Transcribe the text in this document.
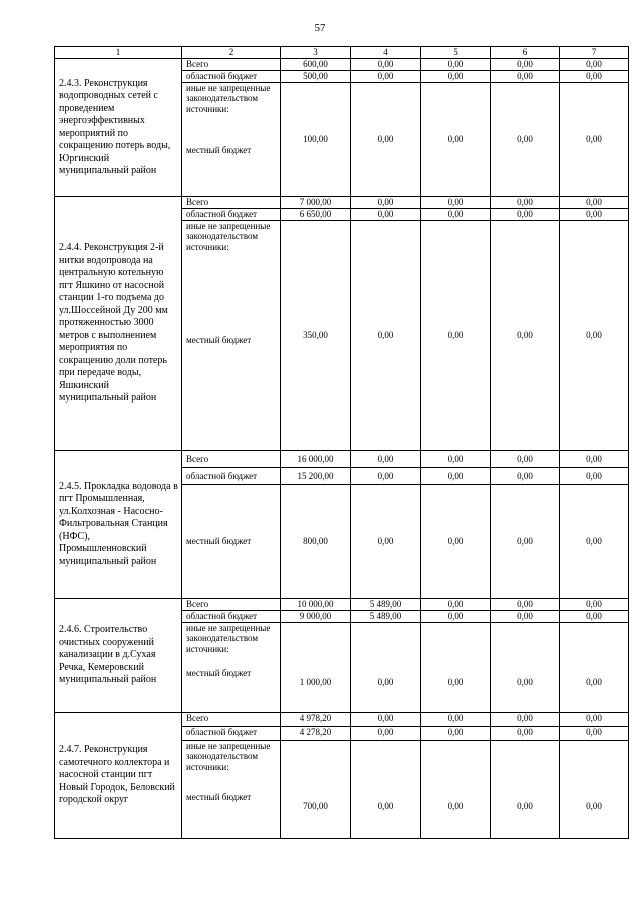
57
1	2	3	4	5	6	7
2.4.3. Реконструкция водопроводных сетей с проведением энергоэффективных мероприятий по сокращению потерь воды, Юргинский муниципальный район	Всего	600,00	0,00	0,00	0,00	0,00
	областной бюджет	500,00	0,00	0,00	0,00	0,00

	иные не запрещенные законодательством источники:
местный бюджет	100,00	0,00	0,00	0,00	0,00
2.4.4. Реконструкция 2-й нитки водопровода на центральную котельную пгт Яшкино от насосной станции 1-го подъема до ул.Шоссейной Ду 200 мм протяженностью 3000 метров с выполнением мероприятия по сокращению доли потерь при передаче воды, Яшкинский муниципальный район	Всего	7 000,00	0,00	0,00	0,00	0,00
	областной бюджет	6 650,00	0,00	0,00	0,00	0,00

	иные не запрещенные законодательством источники:
местный бюджет	350,00	0,00	0,00	0,00	0,00
2.4.5. Прокладка водовода в пгт Промышленная, ул.Колхозная - Насосно-Фильтровальная Станция (НФС), Промышленновский муниципальный район	Всего	16 000,00	0,00	0,00	0,00	0,00
	областной бюджет	15 200,00	0,00	0,00	0,00	0,00
	местный бюджет	800,00	0,00	0,00	0,00	0,00
2.4.6. Строительство очистных сооружений канализации в д.Сухая Речка, Кемеровский муниципальный район	Всего	10 000,00	5 489,00	0,00	0,00	0,00
	областной бюджет	9 000,00	5 489,00	0,00	0,00	0,00

	иные не запрещенные законодательством источники:
местный бюджет	1 000,00	0,00	0,00	0,00	0,00
2.4.7. Реконструкция самотечного коллектора и насосной станции пгт Новый Городок, Беловский городской округ	Всего	4 978,20	0,00	0,00	0,00	0,00
	областной бюджет	4 278,20	0,00	0,00	0,00	0,00

	иные не запрещенные законодательством источники:
местный бюджет	700,00	0,00	0,00	0,00	0,00
